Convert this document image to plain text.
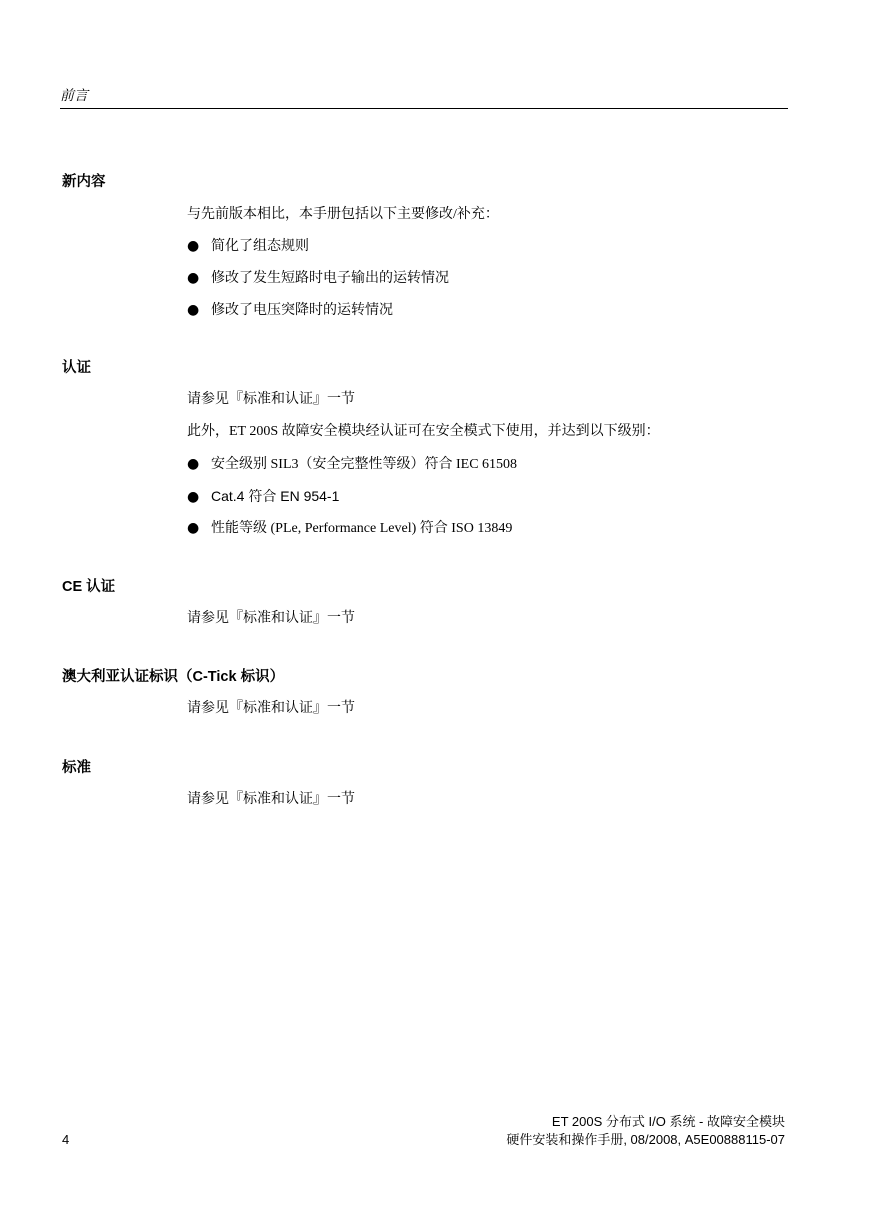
前言
新内容
与先前版本相比，本手册包括以下主要修改/补充：
● 简化了组态规则
● 修改了发生短路时电子输出的运转情况
● 修改了电压突降时的运转情况
认证
请参见『标准和认证』一节
此外，ET 200S 故障安全模块经认证可在安全模式下使用，并达到以下级别：
● 安全级别 SIL3（安全完整性等级）符合 IEC 61508
● Cat.4 符合 EN 954-1
● 性能等级 (PLe, Performance Level) 符合 ISO 13849
CE 认证
请参见『标准和认证』一节
澳大利亚认证标识（C-Tick 标识）
请参见『标准和认证』一节
标准
请参见『标准和认证』一节
ET 200S 分布式 I/O 系统 - 故障安全模块
硬件安装和操作手册, 08/2008, A5E00888115-07
4
